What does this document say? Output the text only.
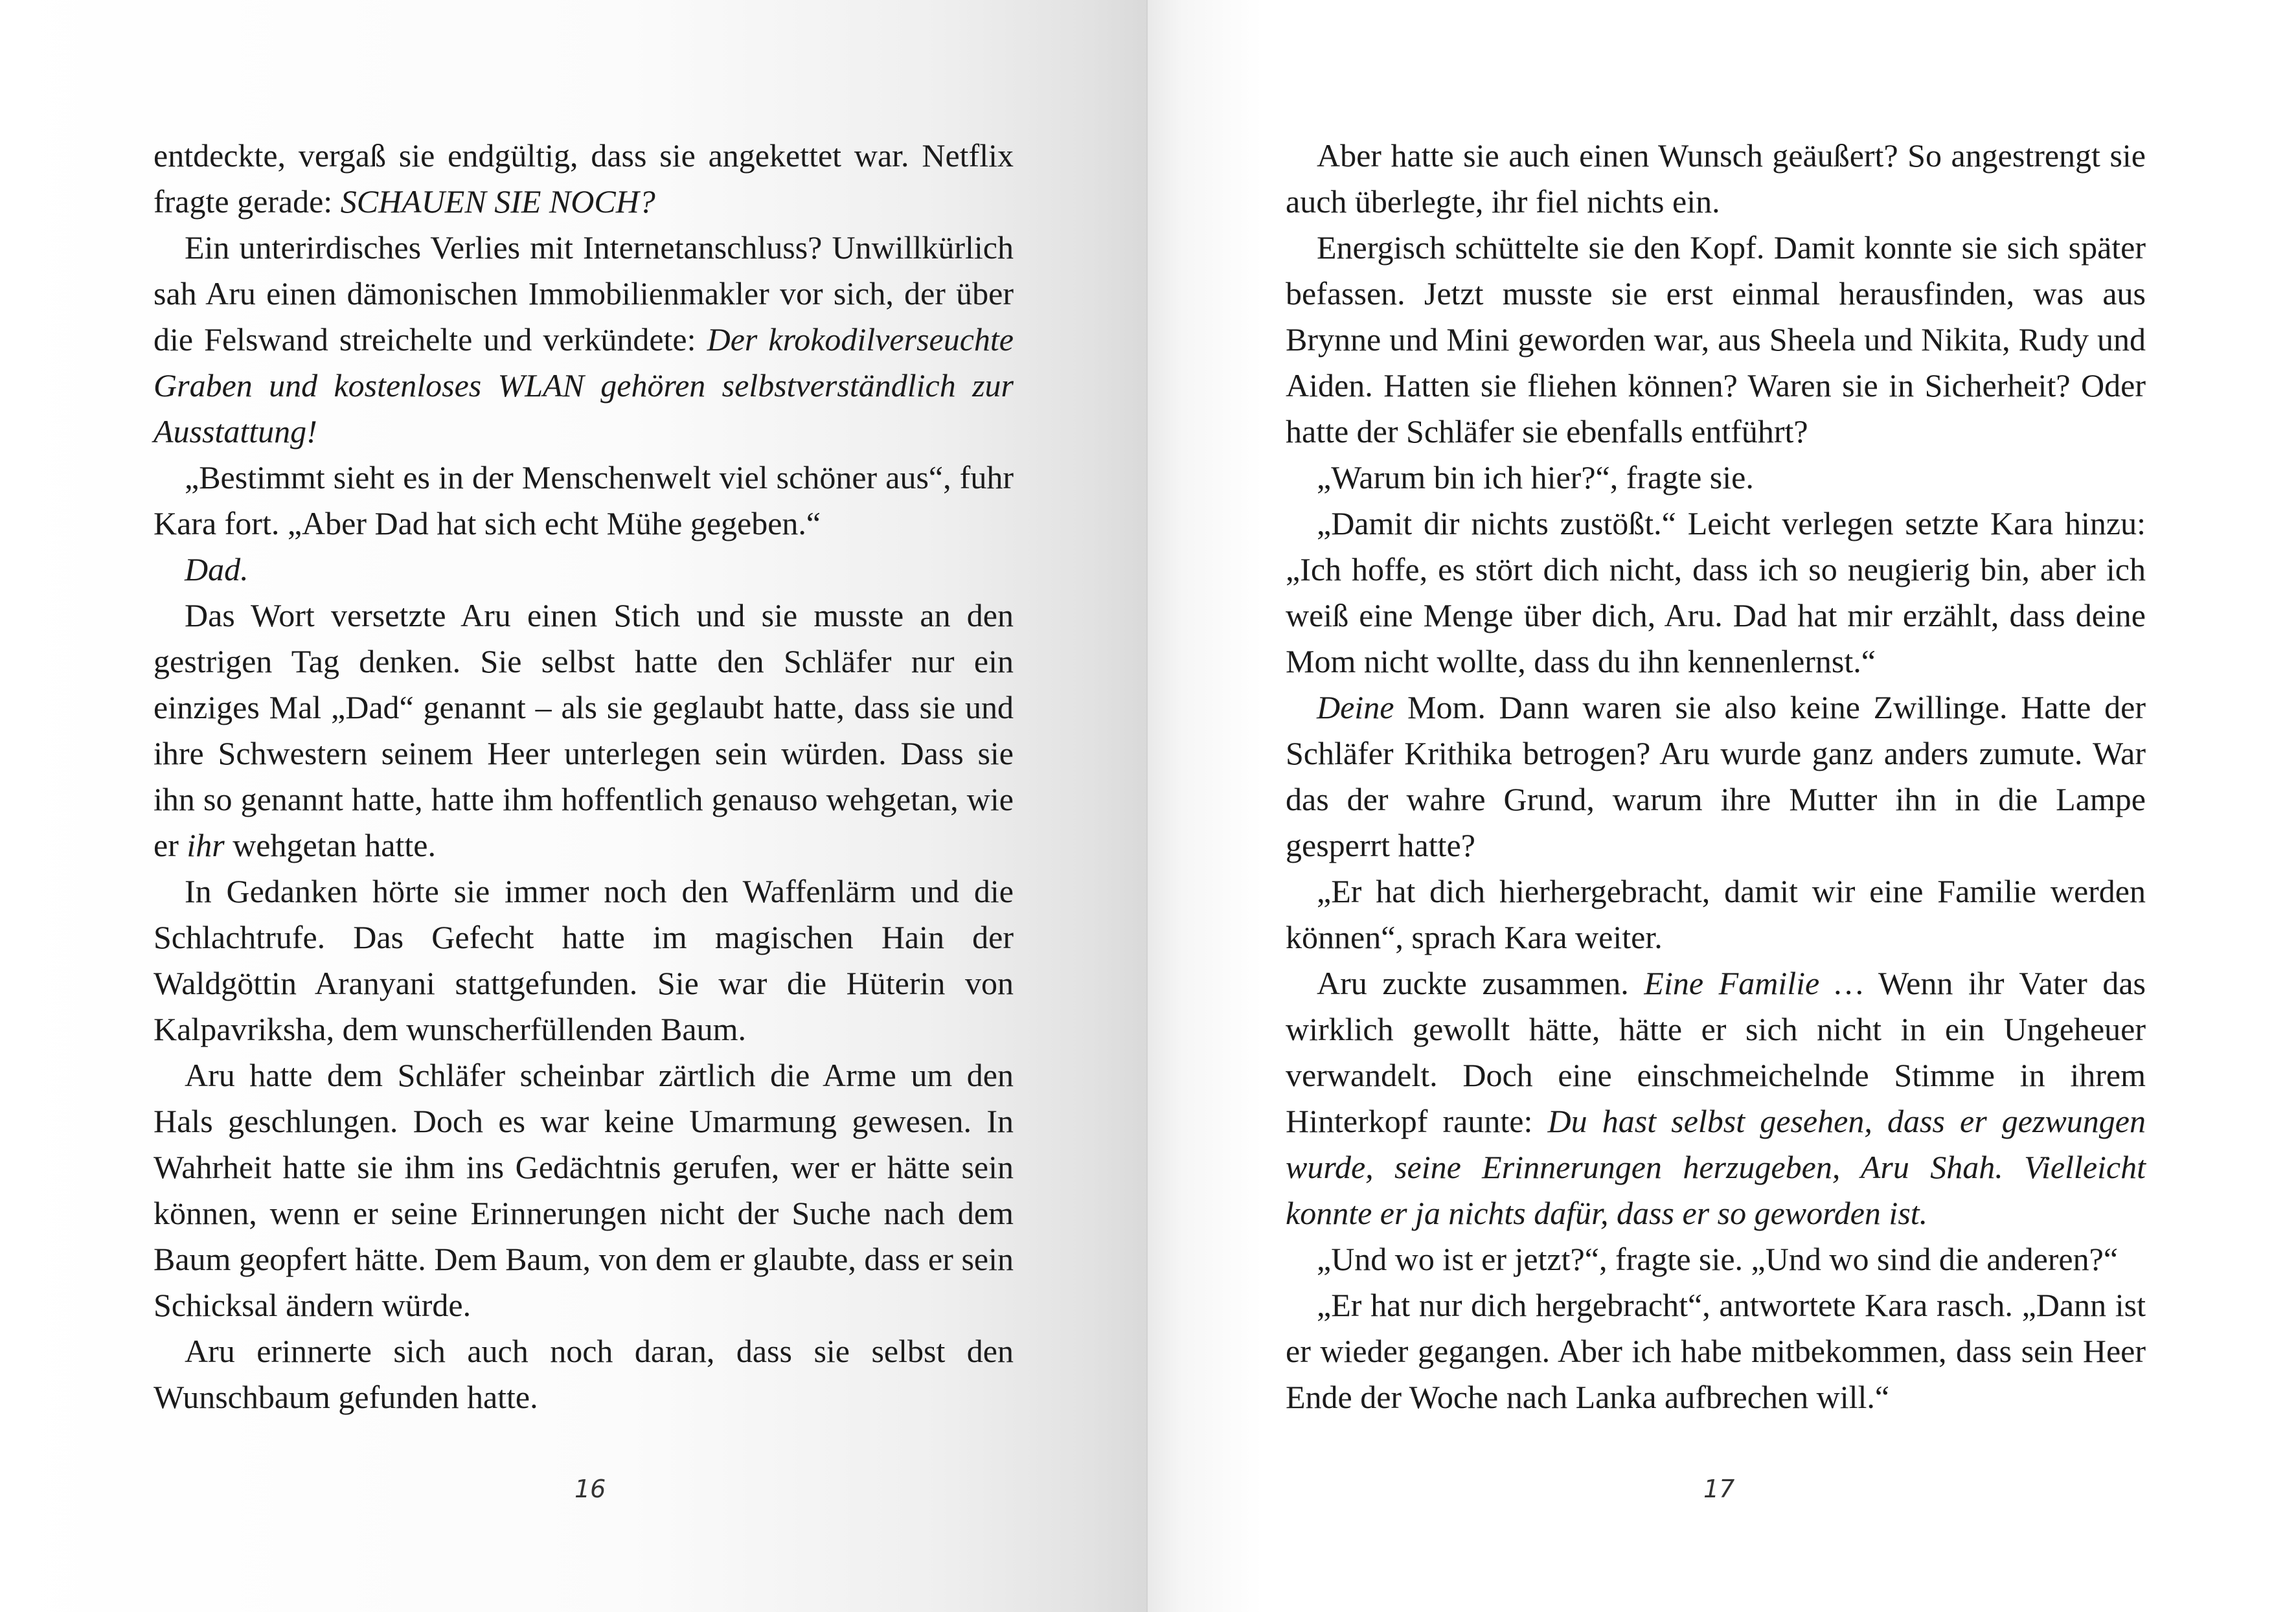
entdeckte, vergaß sie endgültig, dass sie angekettet war. Netflix fragte gerade: SCHAUEN SIE NOCH?

Ein unterirdisches Verlies mit Internetanschluss? Unwillkürlich sah Aru einen dämonischen Immobilienmakler vor sich, der über die Felswand streichelte und verkündete: Der krokodilverseuchte Graben und kostenloses WLAN gehören selbstverständlich zur Ausstattung!

„Bestimmt sieht es in der Menschenwelt viel schöner aus“, fuhr Kara fort. „Aber Dad hat sich echt Mühe gegeben.“

Dad.

Das Wort versetzte Aru einen Stich und sie musste an den gestrigen Tag denken. Sie selbst hatte den Schläfer nur ein einziges Mal „Dad“ genannt – als sie geglaubt hatte, dass sie und ihre Schwestern seinem Heer unterlegen sein würden. Dass sie ihn so genannt hatte, hatte ihm hoffentlich genauso wehgetan, wie er ihr wehgetan hatte.

In Gedanken hörte sie immer noch den Waffenlärm und die Schlachtrufe. Das Gefecht hatte im magischen Hain der Waldgöttin Aranyani stattgefunden. Sie war die Hüterin von Kalpavriksha, dem wunscherfüllenden Baum.

Aru hatte dem Schläfer scheinbar zärtlich die Arme um den Hals geschlungen. Doch es war keine Umarmung gewesen. In Wahrheit hatte sie ihm ins Gedächtnis gerufen, wer er hätte sein können, wenn er seine Erinnerungen nicht der Suche nach dem Baum geopfert hätte. Dem Baum, von dem er glaubte, dass er sein Schicksal ändern würde.

Aru erinnerte sich auch noch daran, dass sie selbst den Wunschbaum gefunden hatte.

16

Aber hatte sie auch einen Wunsch geäußert? So angestrengt sie auch überlegte, ihr fiel nichts ein.

Energisch schüttelte sie den Kopf. Damit konnte sie sich später befassen. Jetzt musste sie erst einmal herausfinden, was aus Brynne und Mini geworden war, aus Sheela und Nikita, Rudy und Aiden. Hatten sie fliehen können? Waren sie in Sicherheit? Oder hatte der Schläfer sie ebenfalls entführt?

„Warum bin ich hier?“, fragte sie.

„Damit dir nichts zustößt.“ Leicht verlegen setzte Kara hinzu: „Ich hoffe, es stört dich nicht, dass ich so neugierig bin, aber ich weiß eine Menge über dich, Aru. Dad hat mir erzählt, dass deine Mom nicht wollte, dass du ihn kennenlernst.“

Deine Mom. Dann waren sie also keine Zwillinge. Hatte der Schläfer Krithika betrogen? Aru wurde ganz anders zumute. War das der wahre Grund, warum ihre Mutter ihn in die Lampe gesperrt hatte?

„Er hat dich hierhergebracht, damit wir eine Familie werden können“, sprach Kara weiter.

Aru zuckte zusammen. Eine Familie … Wenn ihr Vater das wirklich gewollt hätte, hätte er sich nicht in ein Ungeheuer verwandelt. Doch eine einschmeichelnde Stimme in ihrem Hinterkopf raunte: Du hast selbst gesehen, dass er gezwungen wurde, seine Erinnerungen herzugeben, Aru Shah. Vielleicht konnte er ja nichts dafür, dass er so geworden ist.

„Und wo ist er jetzt?“, fragte sie. „Und wo sind die anderen?“

„Er hat nur dich hergebracht“, antwortete Kara rasch. „Dann ist er wieder gegangen. Aber ich habe mitbekommen, dass sein Heer Ende der Woche nach Lanka aufbrechen will.“

17
